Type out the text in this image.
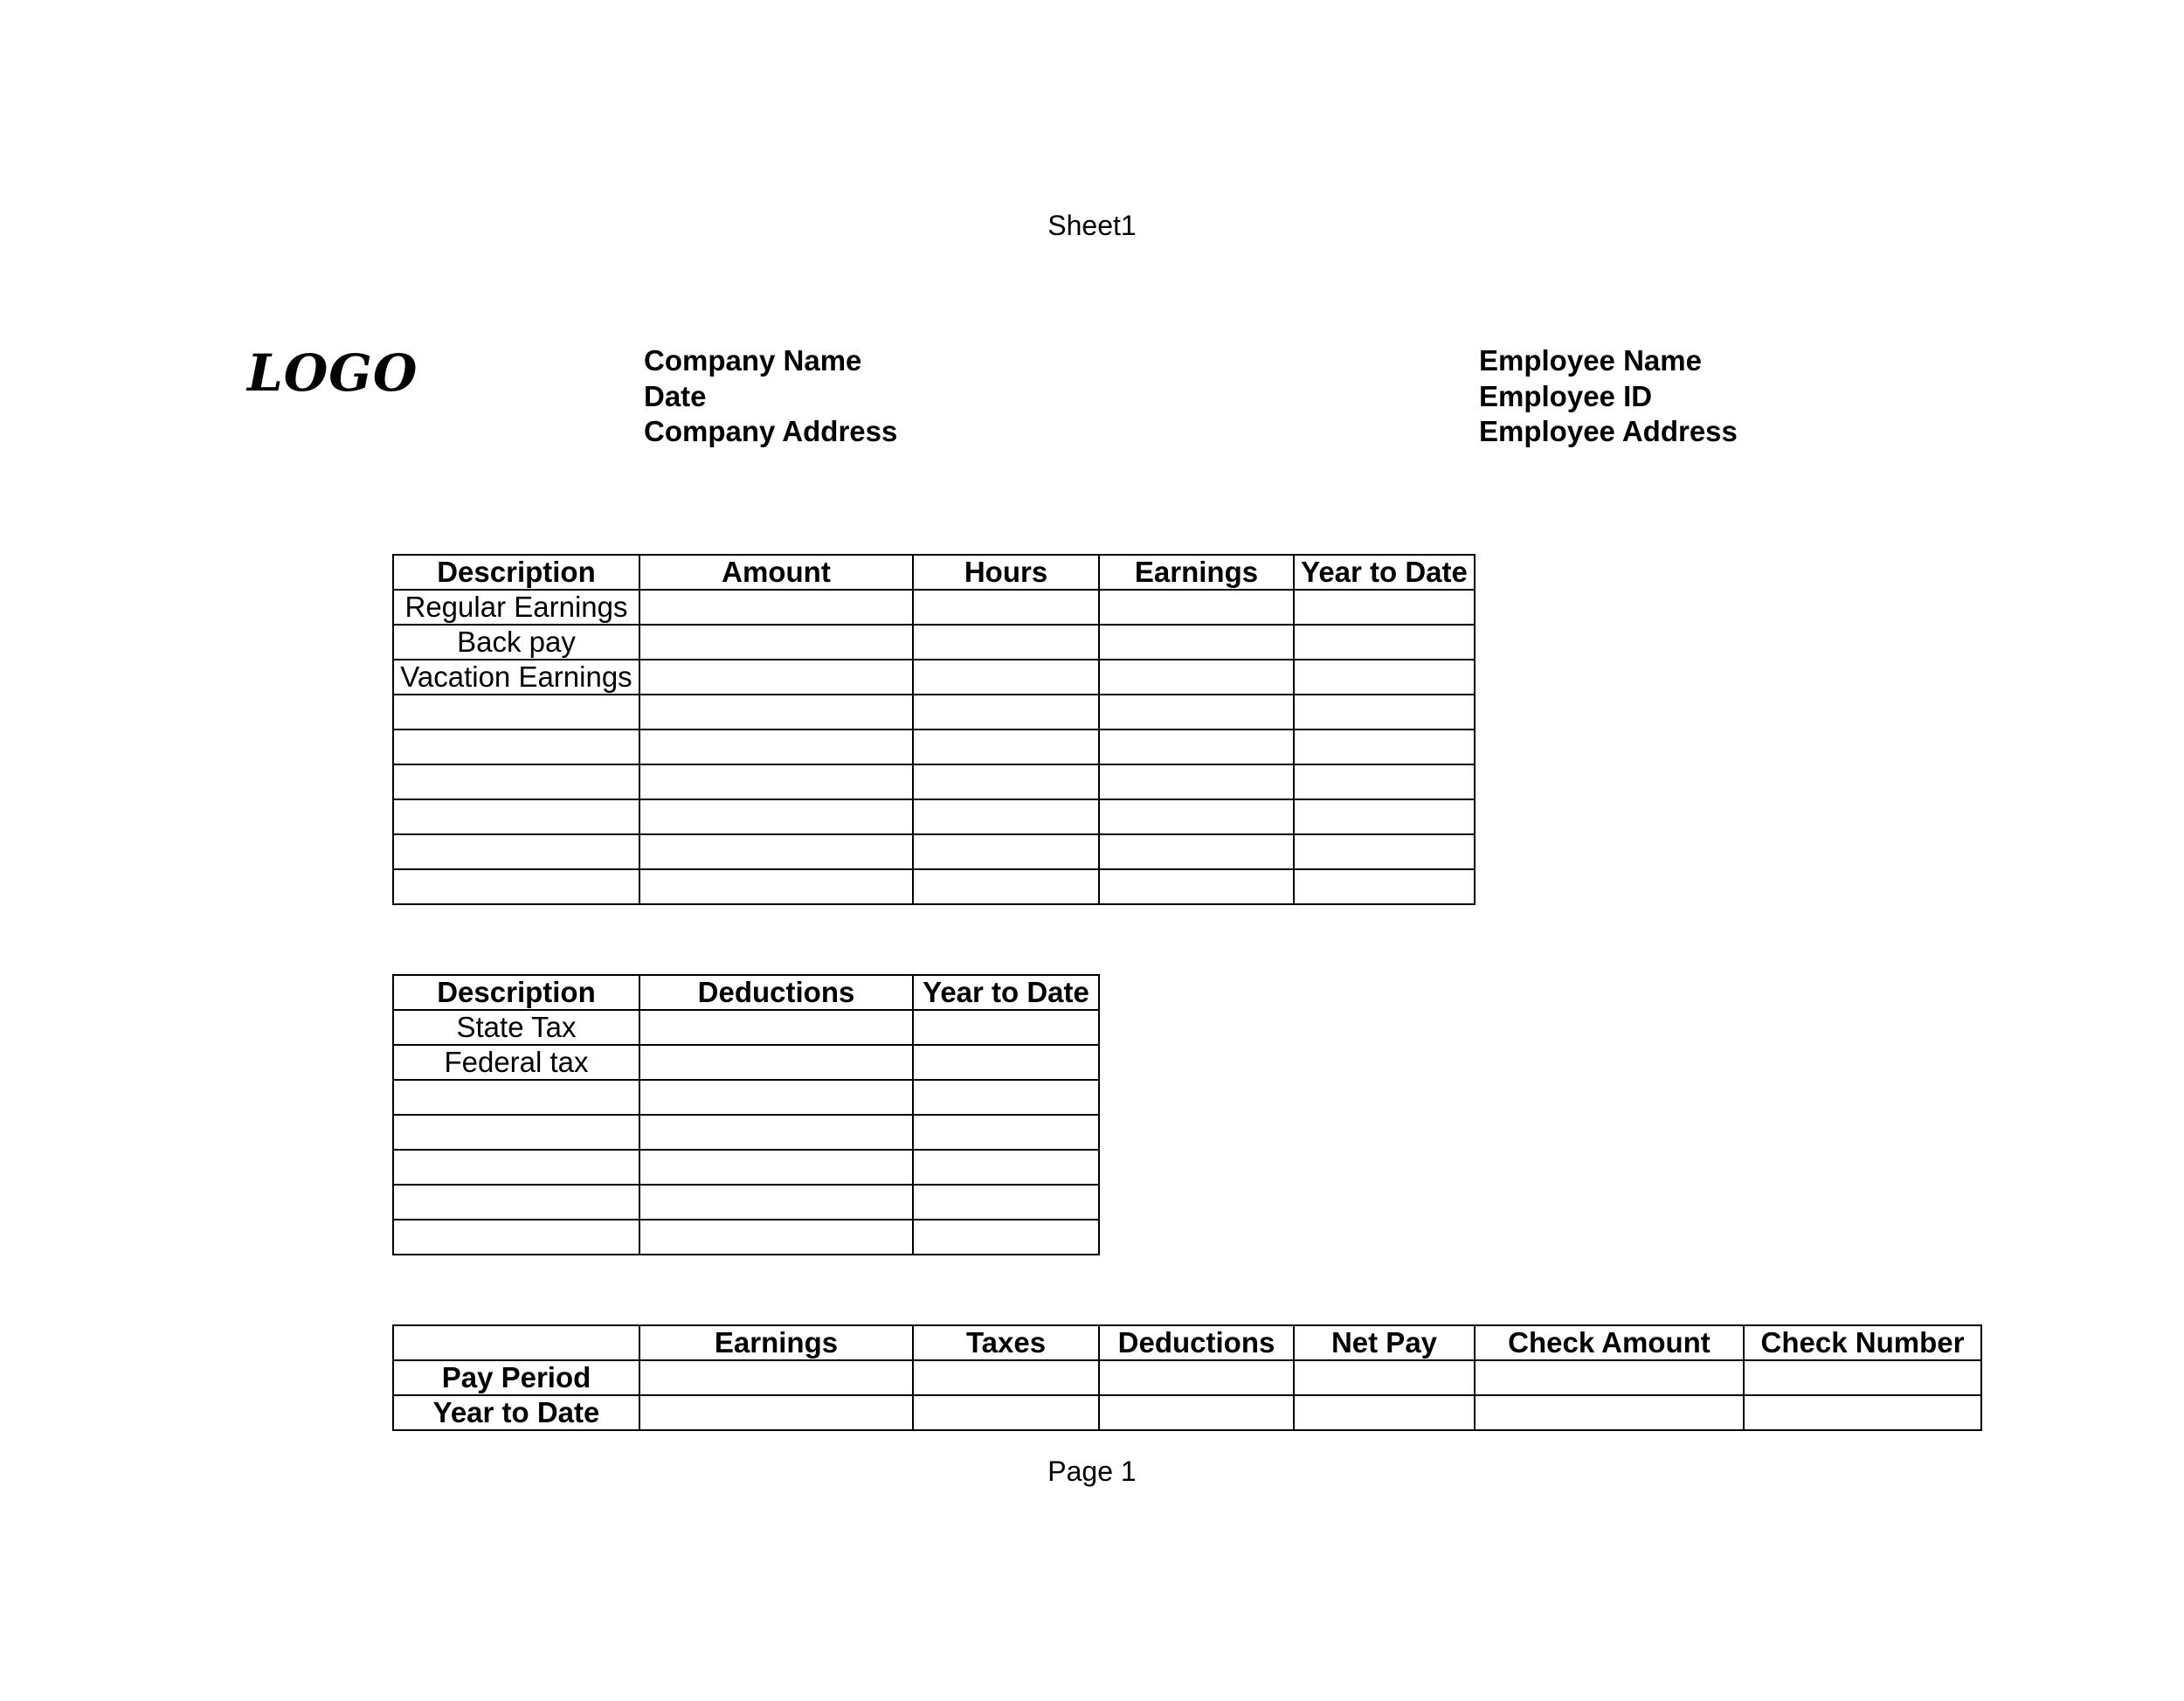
Sheet1
LOGO	Company Name
Date
Company Address
Employee Name
Employee ID
Employee Address
Description	Amount	Hours	Earnings	Year to Date
Regular Earnings				
Back pay				
Vacation Earnings				

Description	Deductions	Year to Date
State Tax		
Federal tax		

	Earnings	Taxes	Deductions	Net Pay	Check Amount	Check Number
Pay Period						
Year to Date						
Page 1
